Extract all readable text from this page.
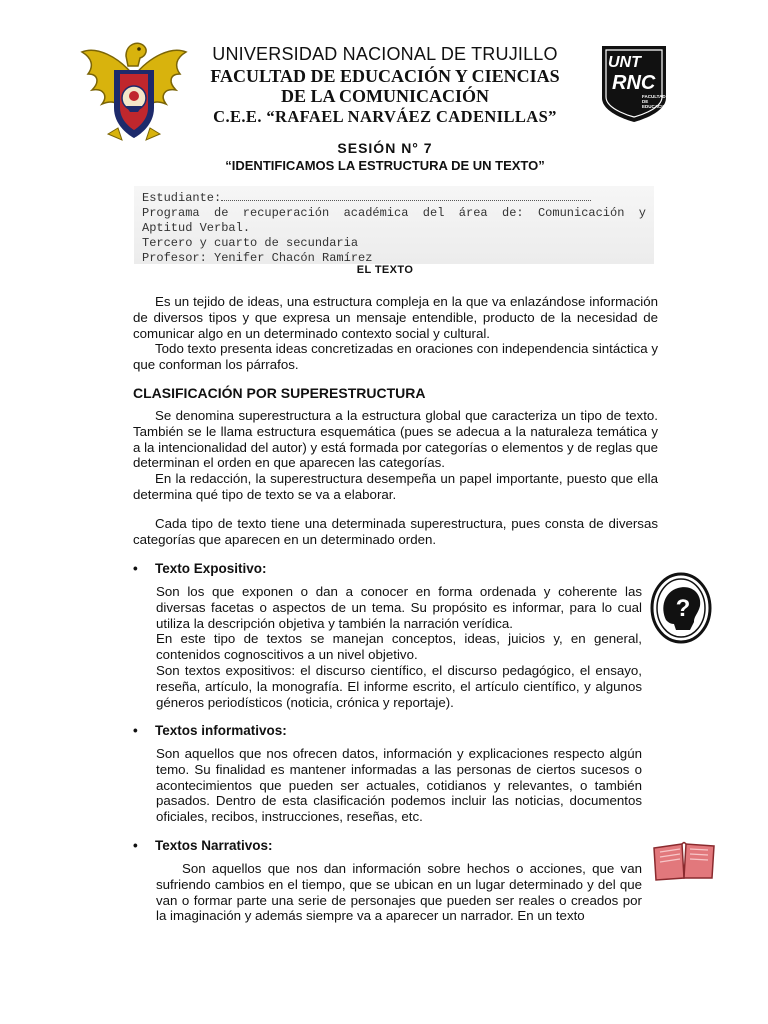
UNIVERSIDAD NACIONAL DE TRUJILLO
FACULTAD DE EDUCACIÓN Y CIENCIAS
DE LA COMUNICACIÓN
C.E.E. “RAFAEL NARVÁEZ CADENILLAS”
UNT
RNC
FACULTAD DE EDUCACION
SESIÓN N° 7
“IDENTIFICAMOS LA ESTRUCTURA DE UN TEXTO”
Estudiante:
Programa de recuperación académica del área de: Comunicación y
Aptitud Verbal.
Tercero y cuarto de secundaria
Profesor: Yenifer Chacón Ramírez
EL TEXTO

Es un tejido de ideas, una estructura compleja en la que va enlazándose información de diversos tipos y que expresa un mensaje entendible, producto de la necesidad de comunicar algo en un determinado contexto social y cultural.

Todo texto presenta ideas concretizadas en oraciones con independencia sintáctica y que conforman los párrafos.

CLASIFICACIÓN POR SUPERESTRUCTURA

Se denomina superestructura a la estructura global que caracteriza un tipo de texto. También se le llama estructura esquemática (pues se adecua a la naturaleza temática y a la intencionalidad del autor) y está formada por categorías o elementos y de reglas que determinan el orden en que aparecen las categorías.

En la redacción, la superestructura desempeña un papel importante, puesto que ella determina qué tipo de texto se va a elaborar.

Cada tipo de texto tiene una determinada superestructura, pues consta de diversas categorías que aparecen en un determinado orden.

• Texto Expositivo:

Son los que exponen o dan a conocer en forma ordenada y coherente las diversas facetas o aspectos de un tema. Su propósito es informar, para lo cual utiliza la descripción objetiva y también la narración verídica.

En este tipo de textos se manejan conceptos, ideas, juicios y, en general, contenidos cognoscitivos a un nivel objetivo.

Son textos expositivos: el discurso científico, el discurso pedagógico, el ensayo, reseña, artículo, la monografía. El informe escrito, el artículo científico, y algunos géneros periodísticos (noticia, crónica y reportaje).

?
• Textos informativos:

Son aquellos que nos ofrecen datos, información y explicaciones respecto algún temo. Su finalidad es mantener informadas a las personas de ciertos sucesos o acontecimientos que pueden ser actuales, cotidianos y relevantes, o también pasados. Dentro de esta clasificación podemos incluir las noticias, documentos oficiales, recibos, instrucciones, reseñas, etc.

• Textos Narrativos:

Son aquellos que nos dan información sobre hechos o acciones, que van sufriendo cambios en el tiempo, que se ubican en un lugar determinado y del que van o formar parte una serie de personajes que pueden ser reales o creados por la imaginación y además siempre va a aparecer un narrador. En un texto
